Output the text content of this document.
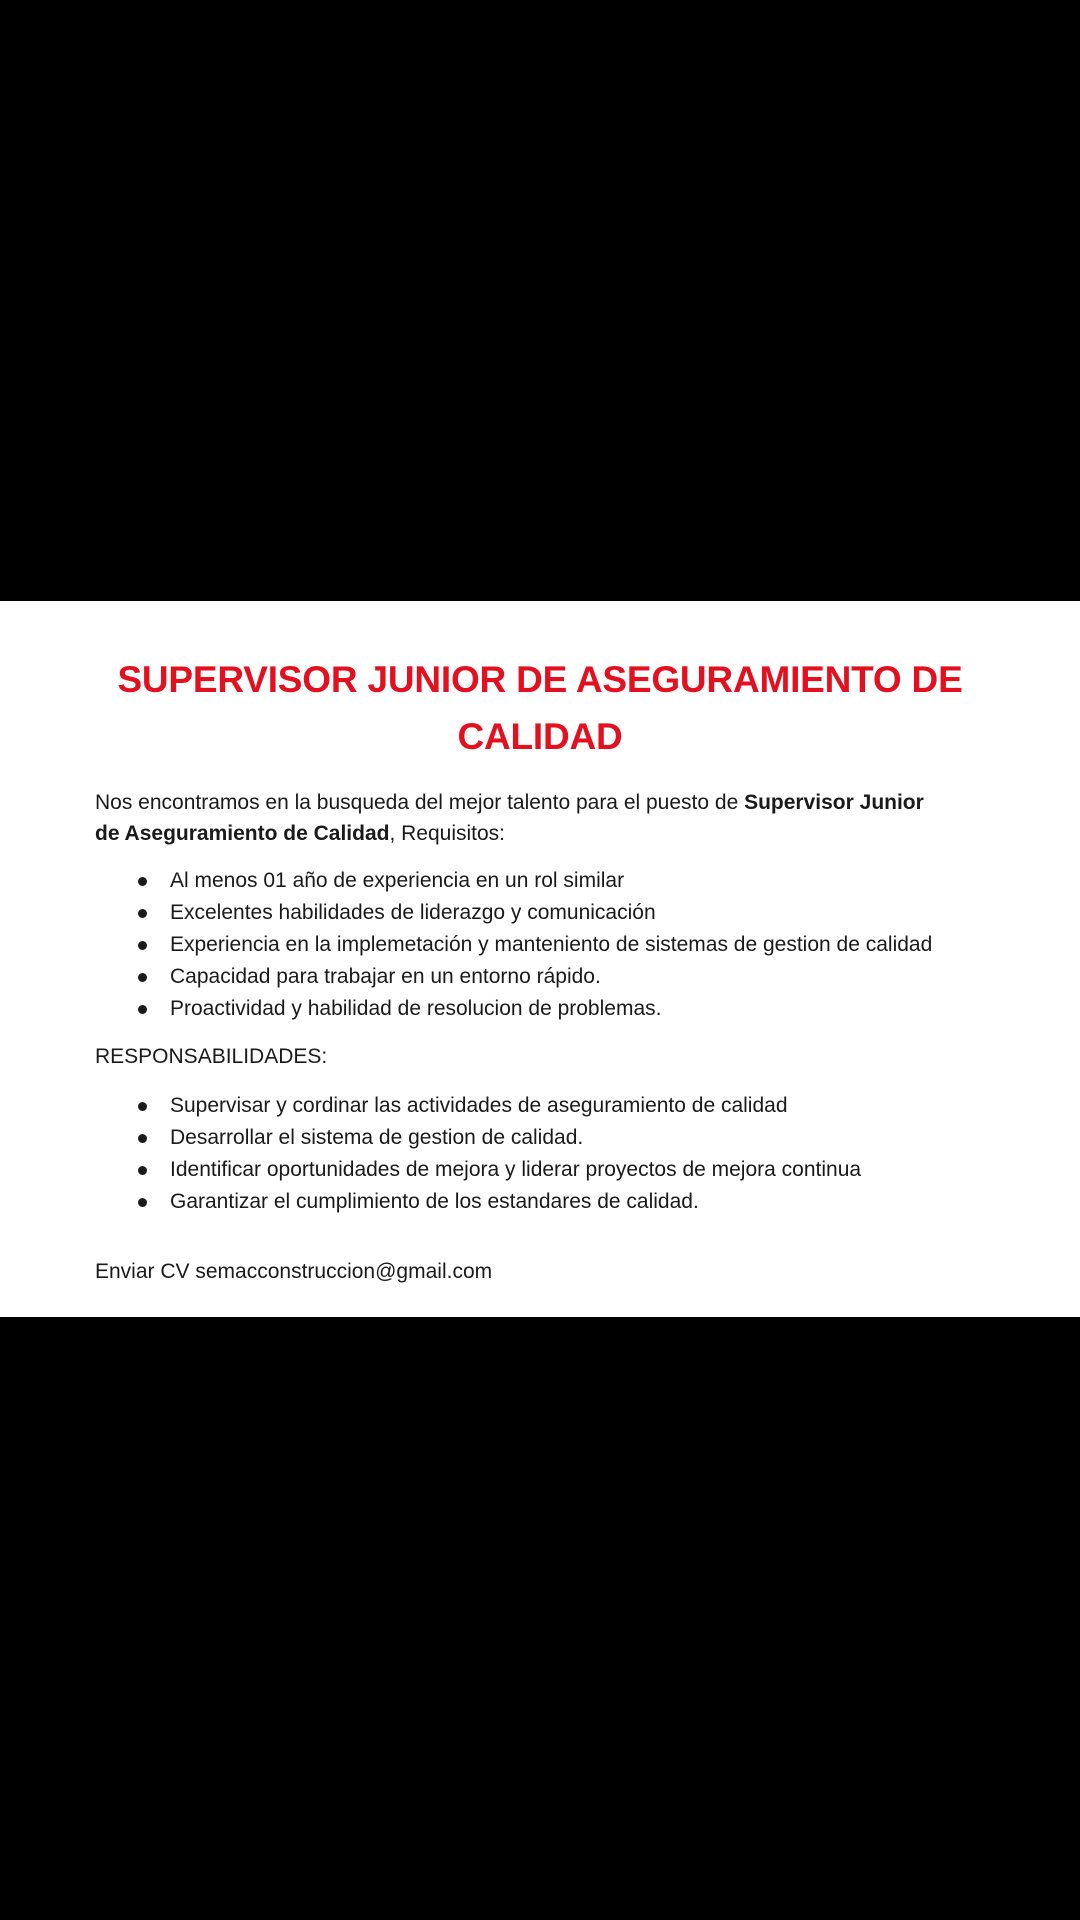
SUPERVISOR JUNIOR DE ASEGURAMIENTO DE
CALIDAD

Nos encontramos en la busqueda del mejor talento para el puesto de Supervisor Junior
de Aseguramiento de Calidad, Requisitos:

Al menos 01 año de experiencia en un rol similar
Excelentes habilidades de liderazgo y comunicación
Experiencia en la implemetación y manteniento de sistemas de gestion de calidad
Capacidad para trabajar en un entorno rápido.
Proactividad y habilidad de resolucion de problemas.

RESPONSABILIDADES:

Supervisar y cordinar las actividades de aseguramiento de calidad
Desarrollar el sistema de gestion de calidad.
Identificar oportunidades de mejora y liderar proyectos de mejora continua
Garantizar el cumplimiento de los estandares de calidad.

Enviar CV semacconstruccion@gmail.com
